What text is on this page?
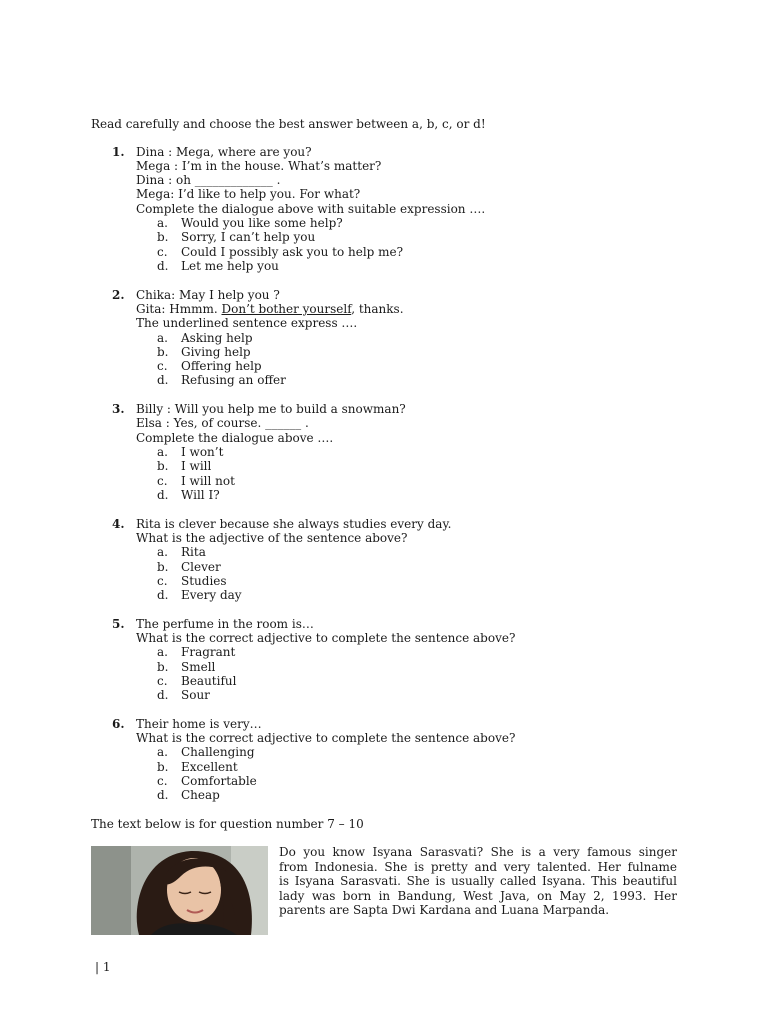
Read carefully and choose the best answer between a, b, c, or d!
1. Dina : Mega, where are you?
Mega : I’m in the house. What’s matter?
Dina : oh _____________ .
Mega: I’d like to help you. For what?
Complete the dialogue above with suitable expression ….
a. Would you like some help?
b. Sorry, I can’t help you
c. Could I possibly ask you to help me?
d. Let me help you
2. Chika: May I help you ?
Gita: Hmmm. Don’t bother yourself, thanks.
The underlined sentence express ….
a. Asking help
b. Giving help
c. Offering help
d. Refusing an offer
3. Billy : Will you help me to build a snowman?
Elsa : Yes, of course. ______ .
Complete the dialogue above ….
a. I won’t
b. I will
c. I will not
d. Will I?
4. Rita is clever because she always studies every day.
What is the adjective of the sentence above?
a. Rita
b. Clever
c. Studies
d. Every day
5. The perfume in the room is…
What is the correct adjective to complete the sentence above?
a. Fragrant
b. Smell
c. Beautiful
d. Sour
6. Their home is very…
What is the correct adjective to complete the sentence above?
a. Challenging
b. Excellent
c. Comfortable
d. Cheap
The text below is for question number 7 – 10
Do you know Isyana Sarasvati? She is a very famous singer
from Indonesia. She is pretty and very talented. Her fulname
is Isyana Sarasvati. She is usually called Isyana. This beautiful
lady was born in Bandung, West Java, on May 2, 1993. Her
parents are Sapta Dwi Kardana and Luana Marpanda.
| 1
